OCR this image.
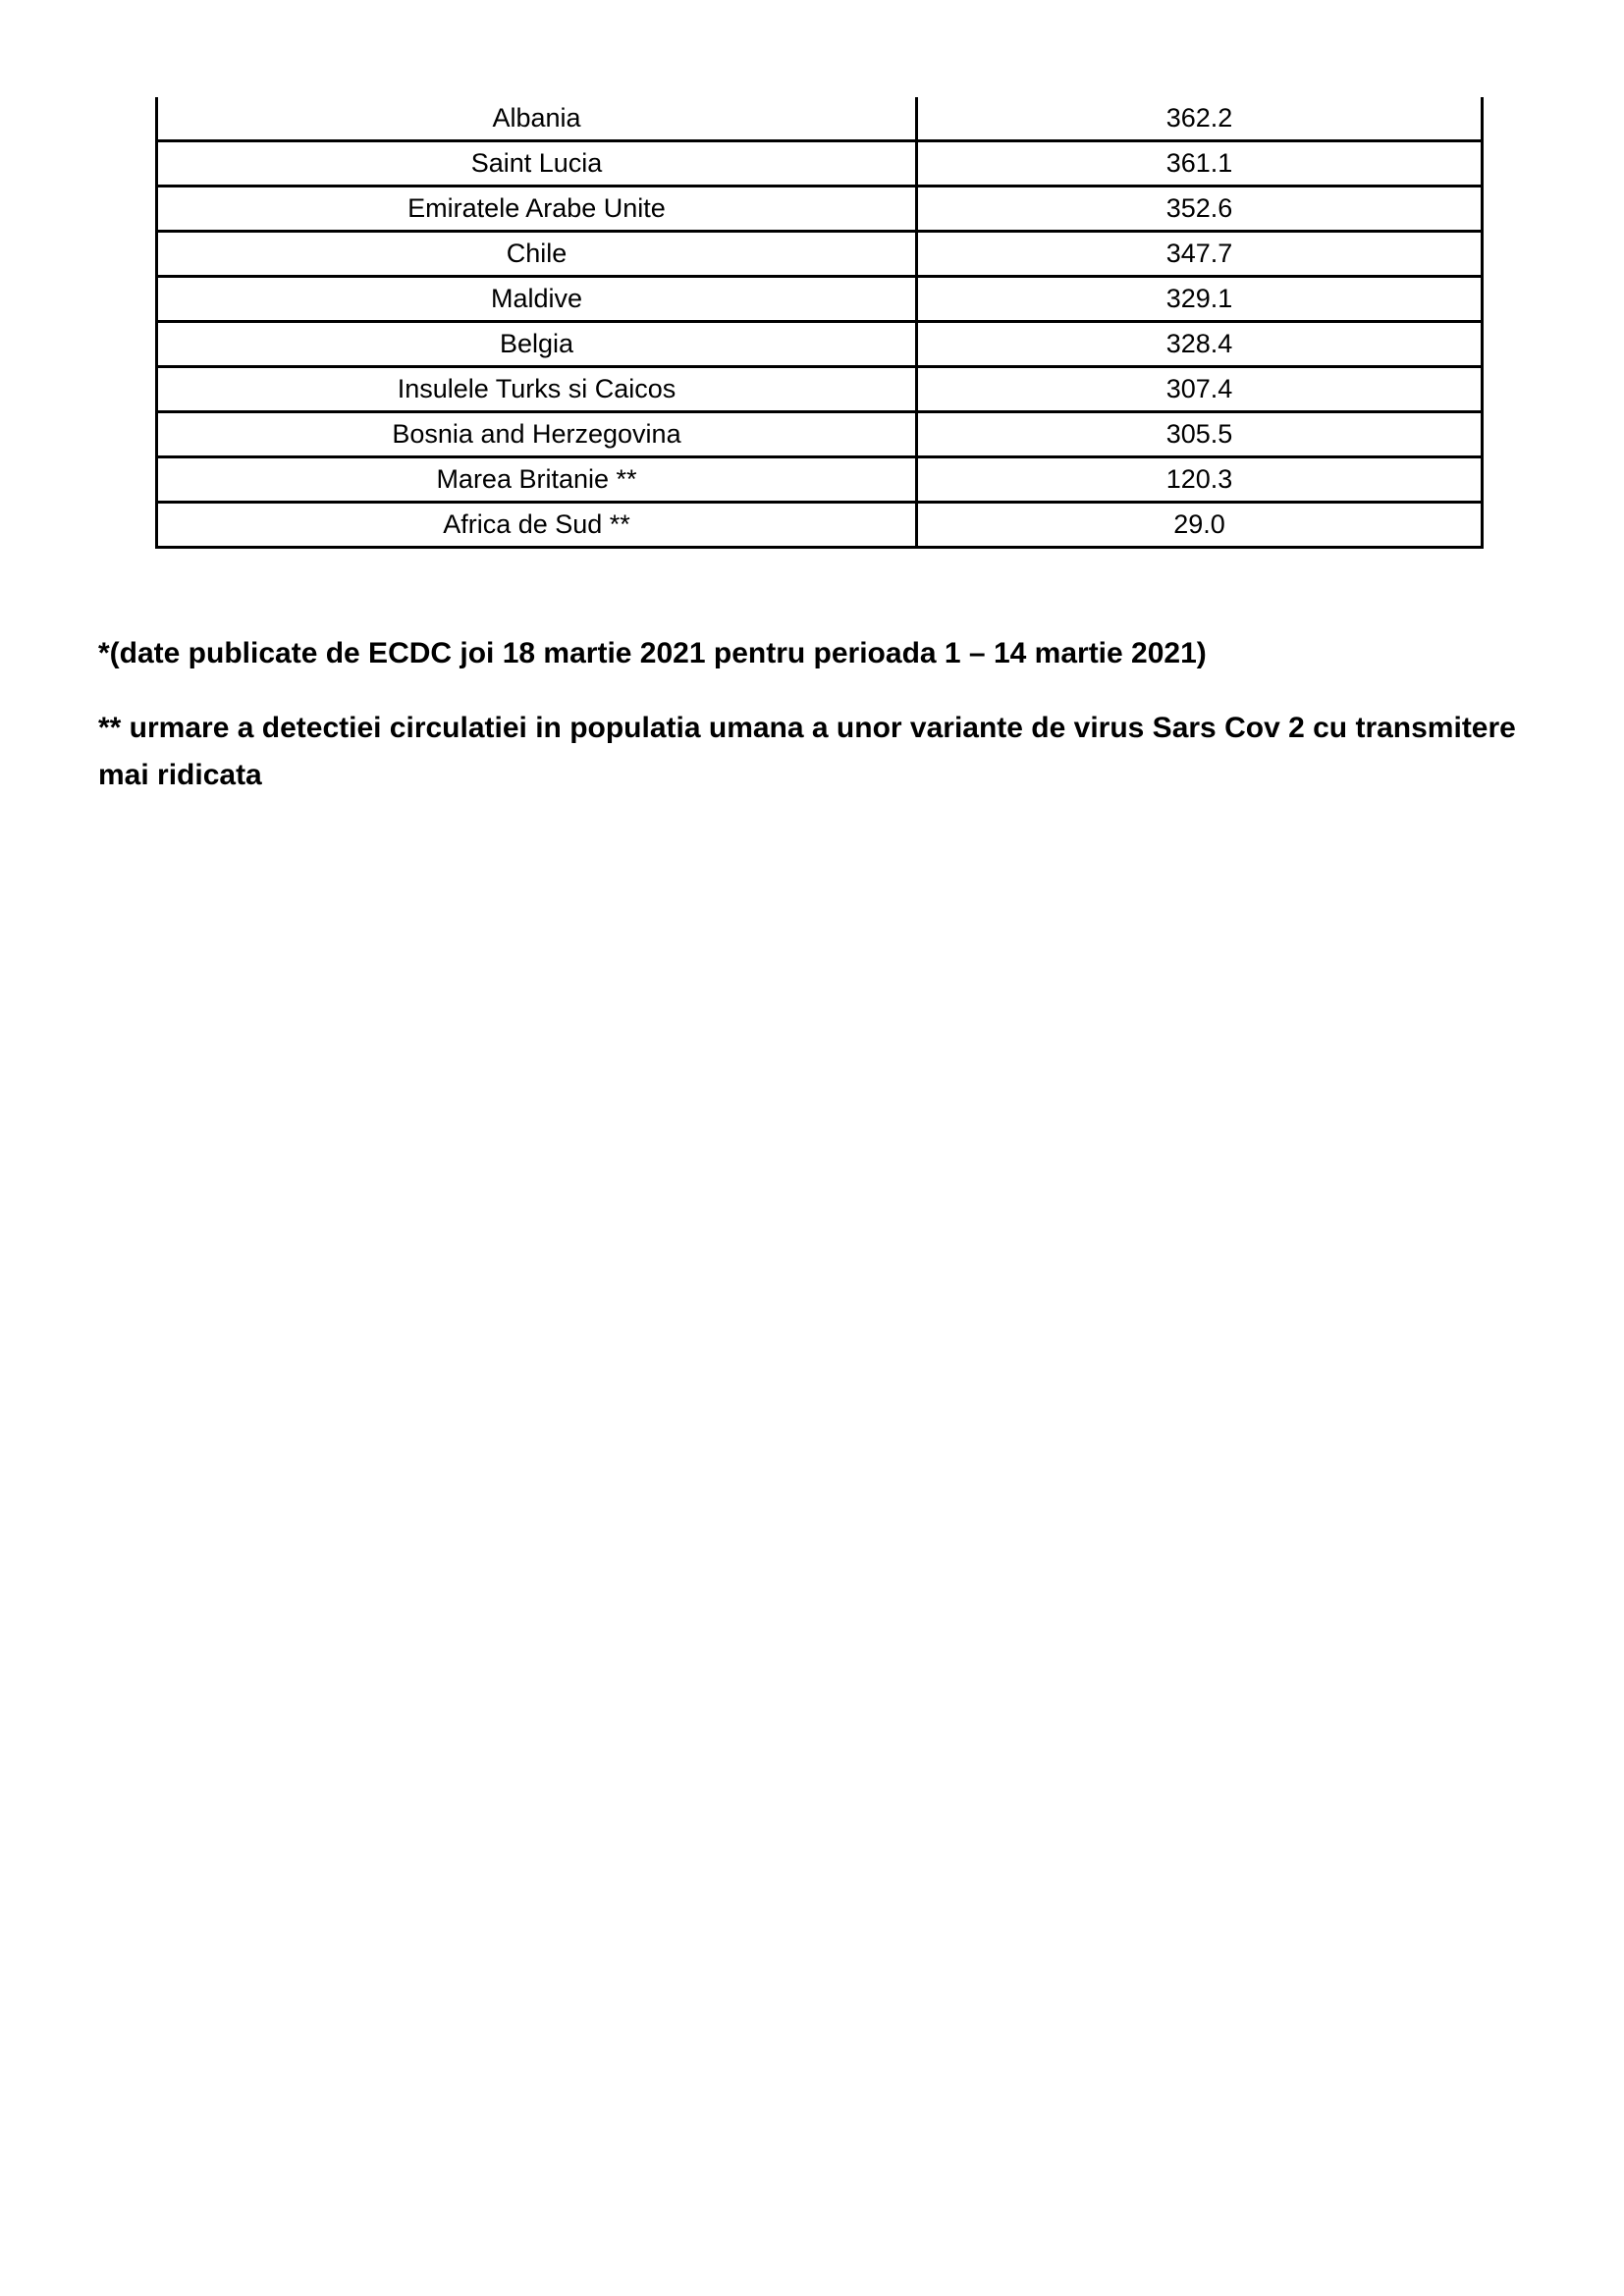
Albania	362.2
Saint Lucia	361.1
Emiratele Arabe Unite	352.6
Chile	347.7
Maldive	329.1
Belgia	328.4
Insulele Turks si Caicos	307.4
Bosnia and Herzegovina	305.5
Marea Britanie **	120.3
Africa de Sud **	29.0

*(date publicate de ECDC joi 18 martie 2021 pentru perioada 1 – 14 martie 2021)

** urmare a detectiei circulatiei in populatia umana a unor variante de virus Sars Cov 2 cu transmitere mai ridicata
